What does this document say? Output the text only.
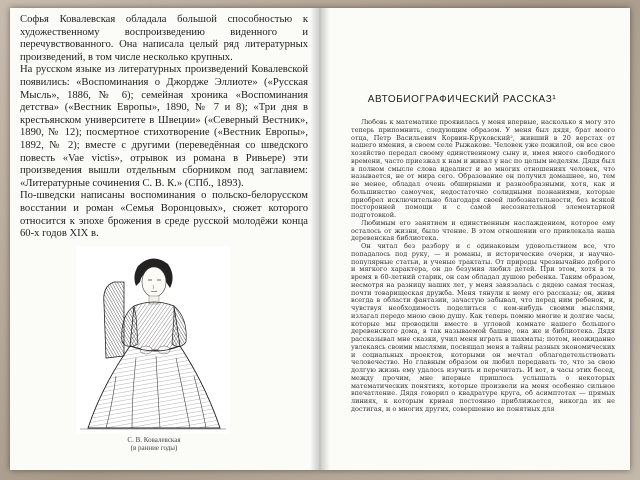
Софья Ковалевская обладала большой способностью к художественному воспроизведению виденного и перечувствованного. Она написала целый ряд литературных произведений, в том числе несколько крупных.

На русском языке из литературных произведений Ковалевской появились: «Воспоминания о Джордже Эллиоте» («Русская Мысль», 1886, № 6); семейная хроника «Воспоминания детства» («Вестник Европы», 1890, № 7 и 8); «Три дня в крестьянском университете в Швеции» («Северный Вестник», 1890, № 12); посмертное стихотворение («Вестник Европы», 1892, № 2); вместе с другими (переведённая со шведского повесть «Vae victis», отрывок из романа в Ривьере) эти произведения вышли отдельным сборником под заглавием: «Литературные сочинения С. В. К.» (СПб., 1893).

По-шведски написаны воспоминания о польско-белорусском восстании и роман «Семья Воронцовых», сюжет которого относится к эпохе брожения в среде русской молодёжи конца 60-х годов XIX в.

С. В. Ковалевская
(в ранние годы)
АВТОБИОГРАФИЧЕСКИЙ РАССКАЗ¹

Любовь к математике проявилась у меня впервые, насколько я могу это теперь припомнить, следующим образом. У меня был дядя, брат моего отца, Петр Васильевич Корвин-Круковский², живший в 20 верстах от нашего имения, в своем селе Рыжакове. Человек уже пожилой, он все свое хозяйство передал своему единственному сыну и, имея много свободного времени, часто приезжал к нам и живал у нас по целым неделям. Дядя был в полном смысле слова идеалист и во многих отношениях человек, что называется, не от мира сего. Образование он получил домашнее, но, тем не менее, обладал очень обширными и разнообразными, хотя, как и большинство самоучек, недостаточно солидными познаниями, которые приобрел исключительно благодаря своей любознательности, без всякой посторонней помощи и с самой несознательной элементарной подготовкой.

Любимым его занятием и единственным наслаждением, которое ему осталось от жизни, было чтение. В этом отношении его привлекала наша деревенская библиотека.

Он читал без разбору и с одинаковым удовольствием все, что попадалось под руку, — и романы, и исторические очерки, и научно-популярные статьи, и ученые трактаты. От природы чрезвычайно доброго и мягкого характера, он до безумия любил детей. При этом, хотя в то время в 60-летний старик, он сам обладал душою ребенка. Таким образом, несмотря на разницу наших лет, у меня завязалась с дядею самая тесная, почти товарищеская дружба. Меня тянули к нему его рассказы; он, живя всегда в области фантазии, зачастую забывал, что перед ним ребенок, и, чувствуя необходимость поделиться с кем-нибудь своими мыслями, излагал передо мною свою душу. Как теперь помню многие и долгие часы, которые мы проводили вместе в угловой комнате нашего большого деревенского дома, в так называемой башне, она же и библиотека. Дядя рассказывал мне сказки, учил меня играть в шахматы; потом, неожиданно увлекаясь своими мыслями, посвящал меня в тайны разных экономических и социальных проектов, которыми он мечтал облагодетельствовать человечество. Но главным образом он любил передавать то, что за свою долгую жизнь ему удалось изучить и перечитать. И вот, в часы этих бесед, между прочим, мне впервые пришлось услышать о некоторых математических понятиях, которые произвели на меня особенно сильное впечатление. Дядя говорил о квадратуре круга, об асимптотах — прямых линиях, к которым кривая постоянно приближается, никогда их не достигая, и о многих других, совершенно не понятных для
